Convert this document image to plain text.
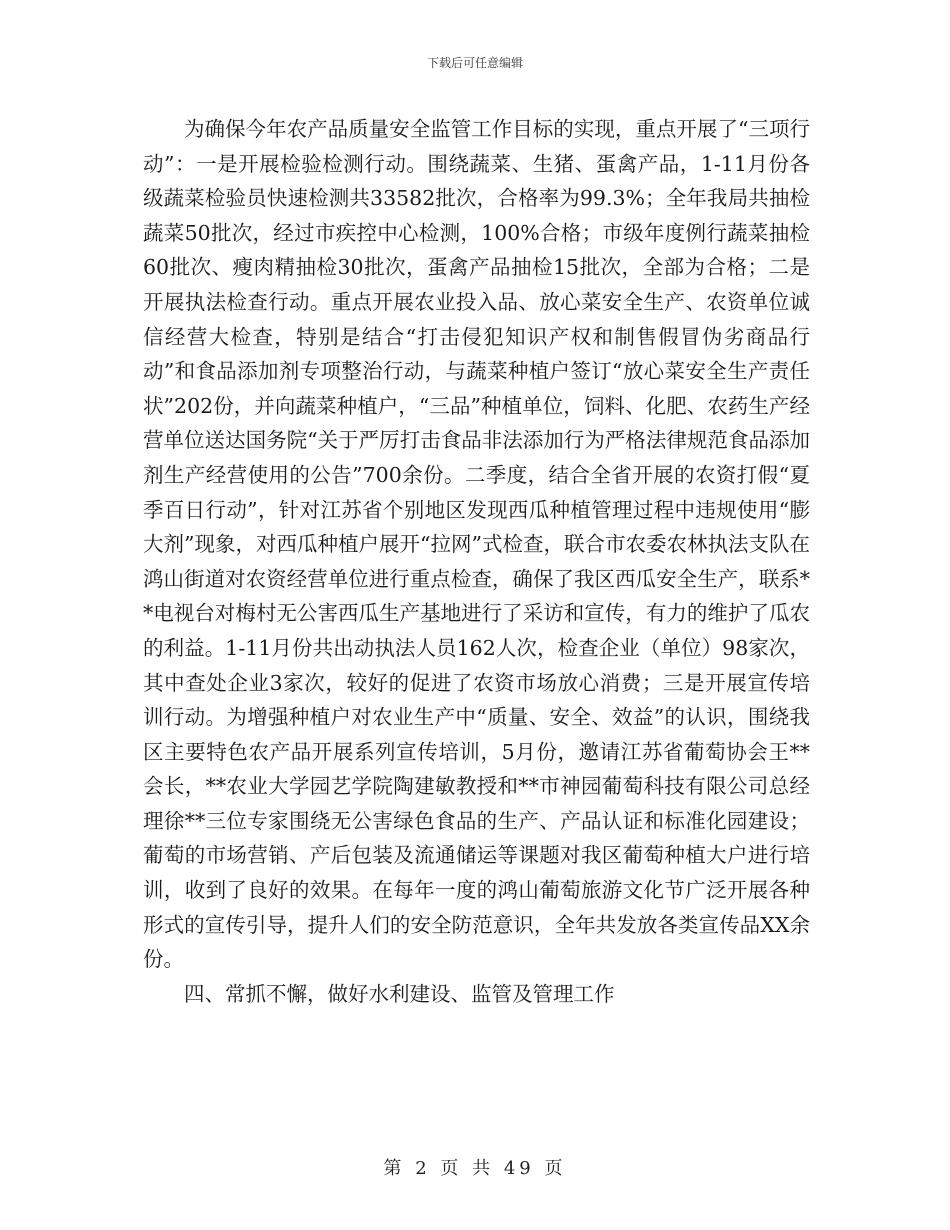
下载后可任意编辑

为确保今年农产品质量安全监管工作目标的实现，重点开展了“三项行动”：一是开展检验检测行动。围绕蔬菜、生猪、蛋禽产品，1-11月份各级蔬菜检验员快速检测共33582批次，合格率为99.3%；全年我局共抽检蔬菜50批次，经过市疾控中心检测，100%合格；市级年度例行蔬菜抽检60批次、瘦肉精抽检30批次，蛋禽产品抽检15批次，全部为合格；二是开展执法检查行动。重点开展农业投入品、放心菜安全生产、农资单位诚信经营大检查，特别是结合“打击侵犯知识产权和制售假冒伪劣商品行动”和食品添加剂专项整治行动，与蔬菜种植户签订“放心菜安全生产责任状”202份，并向蔬菜种植户，“三品”种植单位，饲料、化肥、农药生产经营单位送达国务院“关于严厉打击食品非法添加行为严格法律规范食品添加剂生产经营使用的公告”700余份。二季度，结合全省开展的农资打假“夏季百日行动”，针对江苏省个别地区发现西瓜种植管理过程中违规使用“膨大剂”现象，对西瓜种植户展开“拉网”式检查，联合市农委农林执法支队在鸿山街道对农资经营单位进行重点检查，确保了我区西瓜安全生产，联系**电视台对梅村无公害西瓜生产基地进行了采访和宣传，有力的维护了瓜农的利益。1-11月份共出动执法人员162人次，检查企业（单位）98家次，其中查处企业3家次，较好的促进了农资市场放心消费；三是开展宣传培训行动。为增强种植户对农业生产中“质量、安全、效益”的认识，围绕我区主要特色农产品开展系列宣传培训，5月份，邀请江苏省葡萄协会王**会长，**农业大学园艺学院陶建敏教授和**市神园葡萄科技有限公司总经理徐**三位专家围绕无公害绿色食品的生产、产品认证和标准化园建设；葡萄的市场营销、产后包装及流通储运等课题对我区葡萄种植大户进行培训，收到了良好的效果。在每年一度的鸿山葡萄旅游文化节广泛开展各种形式的宣传引导，提升人们的安全防范意识，全年共发放各类宣传品XX余份。

四、常抓不懈，做好水利建设、监管及管理工作

第 2 页 共 49 页
